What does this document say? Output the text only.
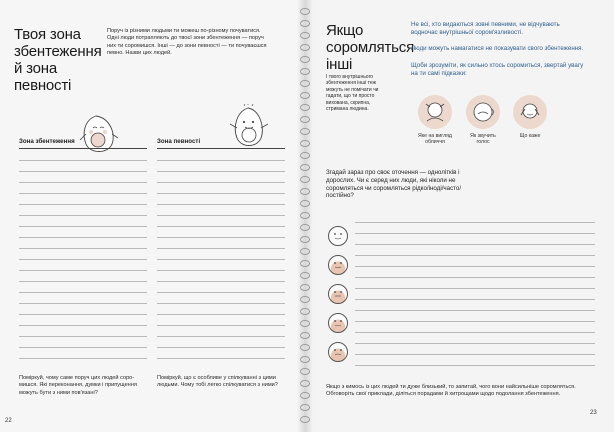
Твоя зона
збентеження
й зона
певності
Поруч із різними людьми ти можеш по-різному почуватися. Одні люди потрапляють до твоєї зони збентеження — поруч них ти соромишся. Інші — до зони певності — ти почуваєшся певно. Назви цих людей.
Зона збентеження	Зона певності
Поміркуй, чому саме поруч цих людей соро-мишся. Які переконання, думки і припущення можуть бути з ними пов'язані?
Поміркуй, що є особливе у спілкуванні з цими людьми. Чому тобі легко спілкуватися з ними?
22
Якщо
соромляться
інші
І твого внутрішнього збентеження інші теж можуть не помічати чи гадати, що ти просто вихована, скрипна, стримана людина.
Не всі, хто видаються зовні певними, не відчувають водночас внутрішньої сором'язливості.
Люди можуть намагатися не показувати свого збентеження.
Щоби зрозуміти, як сильно хтось соромиться, звертай увагу на ти самі підказки:
Яке на вигляд обличчя
Як звучить голос
Що каже
Згадай зараз про своє оточення — однолітків і дорослих. Чи є серед них люди, які ніколи не соромляться чи соромляться рідко/іноді/часто/постійно?
Якщо з кимось із цих людей ти дуже близький, то запитай, чого вони найсильніше соромляться. Обговоріть свої приклади, діліться порадами й хитрощами щодо подолання збентеження.
23
